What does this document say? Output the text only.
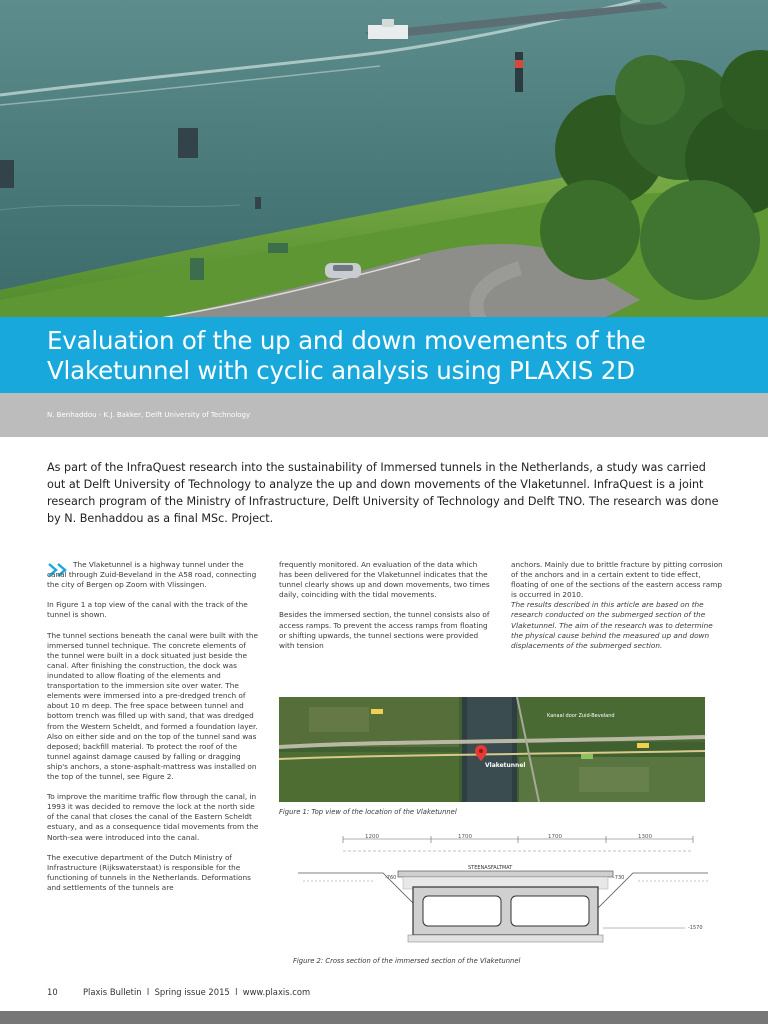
Evaluation of the up and down movements of the Vlaketunnel with cyclic analysis using PLAXIS 2D
N. Benhaddou - K.J. Bakker, Delft University of Technology

As part of the InfraQuest research into the sustainability of Immersed tunnels in the Netherlands, a study was carried out at Delft University of Technology to analyze the up and down movements of the Vlaketunnel. InfraQuest is a joint research program of the Ministry of Infrastructure, Delft University of Technology and Delft TNO. The research was done by N. Benhaddou as a final MSc. Project.

The Vlaketunnel is a highway tunnel under the canal through Zuid-Beveland in the A58 road, connecting the city of Bergen op Zoom with Vlissingen.

In Figure 1 a top view of the canal with the track of the tunnel is shown.

The tunnel sections beneath the canal were built with the immersed tunnel technique. The concrete elements of the tunnel were built in a dock situated just beside the canal. After finishing the construction, the dock was inundated to allow floating of the elements and transportation to the immersion site over water. The elements were immersed into a pre-dredged trench of about 10 m deep. The free space between tunnel and bottom trench was filled up with sand, that was dredged from the Western Scheldt, and formed a foundation layer. Also on either side and on the top of the tunnel sand was deposed; backfill material. To protect the roof of the tunnel against damage caused by falling or dragging ship's anchors, a stone-asphalt-mattress was installed on the top of the tunnel, see Figure 2.

To improve the maritime traffic flow through the canal, in 1993 it was decided to remove the lock at the north side of the canal that closes the canal of the Eastern Scheldt estuary, and as a consequence tidal movements from the North-sea were introduced into the canal.

The executive department of the Dutch Ministry of Infrastructure (Rijkswaterstaat) is responsible for the functioning of tunnels in the Netherlands. Deformations and settlements of the tunnels are

frequently monitored. An evaluation of the data which has been delivered for the Vlaketunnel indicates that the tunnel clearly shows up and down movements, two times daily, coinciding with the tidal movements.

Besides the immersed section, the tunnel consists also of access ramps. To prevent the access ramps from floating or shifting upwards, the tunnel sections were provided with tension

anchors. Mainly due to brittle fracture by pitting corrosion of the anchors and in a certain extent to tide effect, floating of one of the sections of the eastern access ramp is occurred in 2010.

The results described in this article are based on the research conducted on the submerged section of the Vlaketunnel. The aim of the research was to determine the physical cause behind the measured up and down displacements of the submerged section.

Kanaal door Zuid-Beveland
Vlaketunnel
Figure 1: Top view of the location of the Vlaketunnel
1200	1700	1700	1300
STEENASFALTMAT
-760	-730
-1570
Figure 2: Cross section of the immersed section of the Vlaketunnel
10	Plaxis Bulletin  l  Spring issue 2015  l  www.plaxis.com
